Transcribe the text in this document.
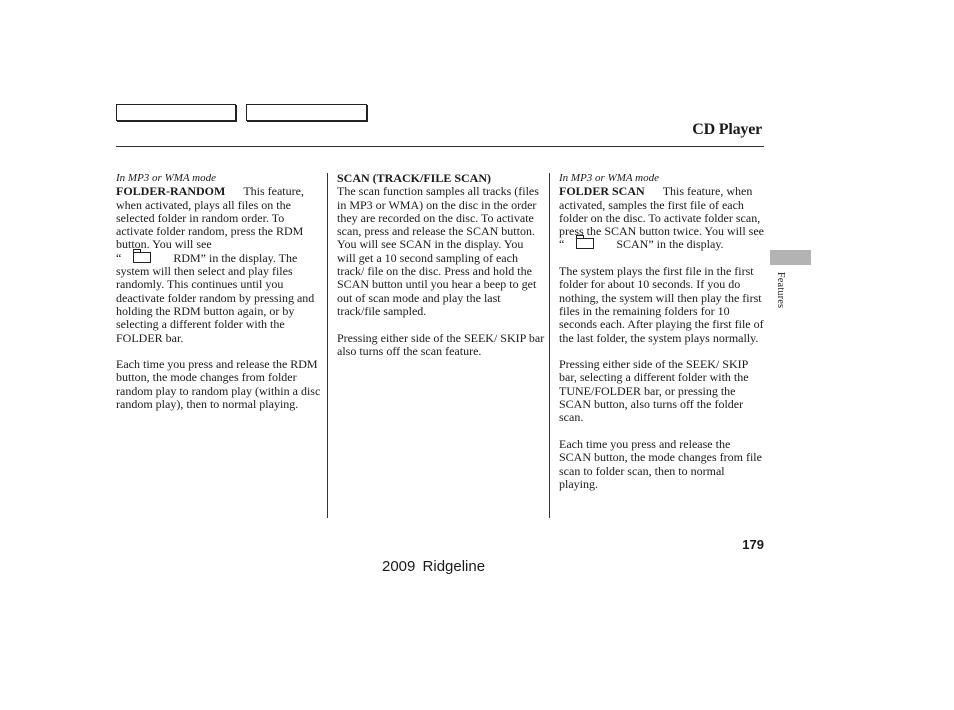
CD Player

In MP3 or WMA mode

FOLDER-RANDOM This feature, when activated, plays all files on the selected folder in random order. To activate folder random, press the RDM button. You will see
“	RDM” in the display. The system will then select and play files randomly. This continues until you deactivate folder random by pressing and holding the RDM button again, or by selecting a different folder with the FOLDER bar.

Each time you press and release the RDM button, the mode changes from folder random play to random play (within a disc random play), then to normal playing.

SCAN (TRACK/FILE SCAN)

The scan function samples all tracks (files in MP3 or WMA) on the disc in the order they are recorded on the disc. To activate scan, press and release the SCAN button. You will see SCAN in the display. You will get a 10 second sampling of each track/ file on the disc. Press and hold the SCAN button until you hear a beep to get out of scan mode and play the last track/file sampled.

Pressing either side of the SEEK/ SKIP bar also turns off the scan feature.

In MP3 or WMA mode

FOLDER SCAN This feature, when activated, samples the first file of each folder on the disc. To activate folder scan, press the SCAN button twice. You will see
“	SCAN” in the display.

The system plays the first file in the first folder for about 10 seconds. If you do nothing, the system will then play the first files in the remaining folders for 10 seconds each. After playing the first file of the last folder, the system plays normally.

Pressing either side of the SEEK/ SKIP bar, selecting a different folder with the TUNE/FOLDER bar, or pressing the SCAN button, also turns off the folder scan.

Each time you press and release the SCAN button, the mode changes from file scan to folder scan, then to normal playing.

Features
179
2009 Ridgeline
